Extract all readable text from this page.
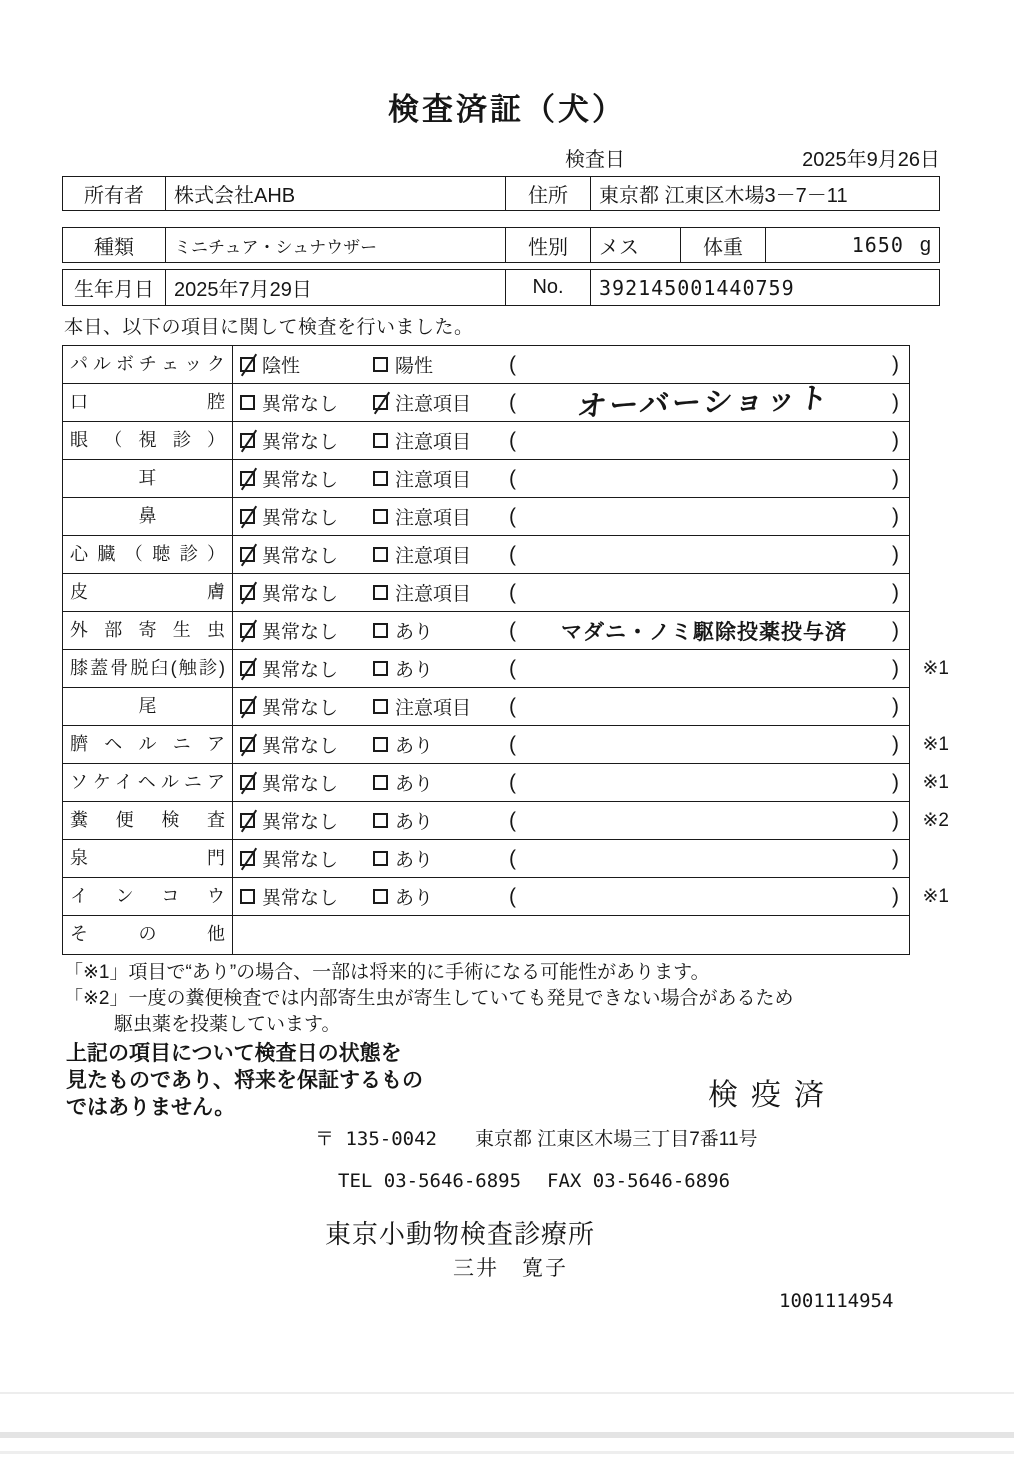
検査済証（犬）
検査日	2025年9月26日
所有者	株式会社AHB	住所	東京都 江東区木場3－7－11
種類	ミニチュア・シュナウザー	性別	メス	体重	1650 g
生年月日	2025年7月29日	No.	392145001440759

本日、以下の項目に関して検査を行いました。

パルボチェック	陰性	陽性	(	)
口腔	異常なし	注意項目 (	オーバーショット	)
眼（視診）	異常なし	注意項目 (	)
耳	異常なし	注意項目 (	)
鼻	異常なし	注意項目 (	)
心臓（聴診）	異常なし	注意項目 (	)
皮膚	異常なし	注意項目 (	)
外部寄生虫	異常なし	あり	(	マダニ・ノミ駆除投薬投与済	)
膝蓋骨脱臼(触診)	異常なし	あり	(	) ※1
尾	異常なし	注意項目 (	)
臍ヘルニア	異常なし	あり	(	) ※1
ソケイヘルニア	異常なし	あり	(	) ※1
糞便検査	異常なし	あり	(	) ※2
泉門	異常なし	あり	(	)
インコウ	異常なし	あり	(	) ※1
その他
「※1」項目で“あり”の場合、一部は将来的に手術になる可能性があります。
「※2」一度の糞便検査では内部寄生虫が寄生していても発見できない場合があるため
駆虫薬を投薬しています。
上記の項目について検査日の状態を
見たものであり、将来を保証するもの
ではありません。	検疫済
〒 135-0042 東京都 江東区木場三丁目7番11号
TEL 03-5646-6895 FAX 03-5646-6896
東京小動物検査診療所
三井　寛子
1001114954
